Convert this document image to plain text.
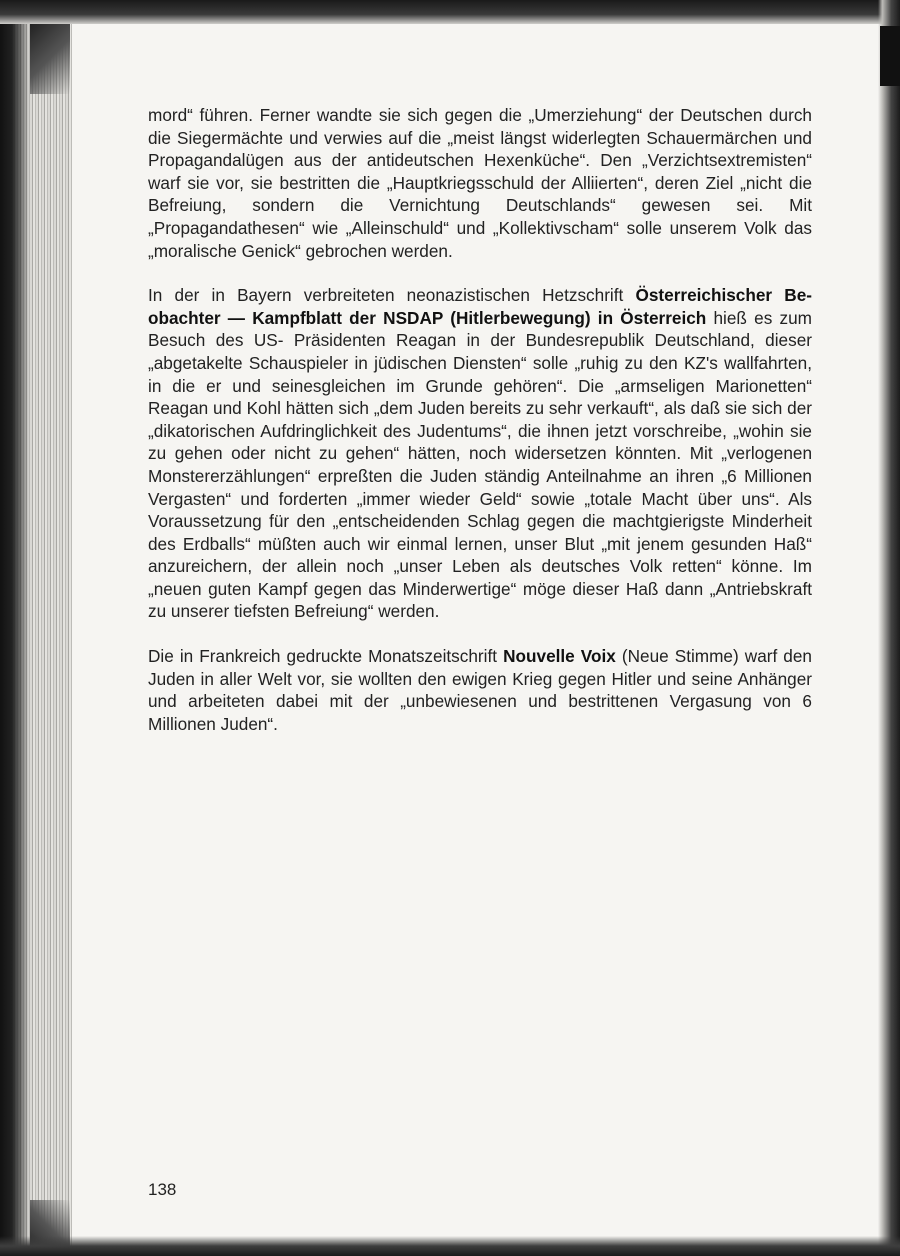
mord“ führen. Ferner wandte sie sich gegen die „Umerziehung“ der Deutschen durch die Siegermächte und verwies auf die „meist längst widerlegten Schauermärchen und Propagandalügen aus der antideutschen Hexenküche“. Den „Verzichtsextremisten“ warf sie vor, sie bestritten die „Hauptkriegsschuld der Alliierten“, deren Ziel „nicht die Befreiung, sondern die Vernichtung Deutschlands“ gewesen sei. Mit „Propagandathesen“ wie „Alleinschuld“ und „Kollektivscham“ solle unserem Volk das „moralische Genick“ gebrochen werden.

In der in Bayern verbreiteten neonazistischen Hetzschrift Österreichischer Beobachter — Kampfblatt der NSDAP (Hitlerbewegung) in Österreich hieß es zum Besuch des US- Präsidenten Reagan in der Bundesrepublik Deutschland, dieser „abgetakelte Schauspieler in jüdischen Diensten“ solle „ruhig zu den KZ's wallfahrten, in die er und seinesgleichen im Grunde gehören“. Die „armseligen Marionetten“ Reagan und Kohl hätten sich „dem Juden bereits zu sehr verkauft“, als daß sie sich der „dikatorischen Aufdringlichkeit des Judentums“, die ihnen jetzt vorschreibe, „wohin sie zu gehen oder nicht zu gehen“ hätten, noch widersetzen könnten. Mit „verlogenen Monstererzählungen“ erpreßten die Juden ständig Anteilnahme an ihren „6 Millionen Vergasten“ und forderten „immer wieder Geld“ sowie „totale Macht über uns“. Als Voraussetzung für den „entscheidenden Schlag gegen die machtgierigste Minderheit des Erdballs“ müßten auch wir einmal lernen, unser Blut „mit jenem gesunden Haß“ anzureichern, der allein noch „unser Leben als deutsches Volk retten“ könne. Im „neuen guten Kampf gegen das Minderwertige“ möge dieser Haß dann „Antriebskraft zu unserer tiefsten Befreiung“ werden.

Die in Frankreich gedruckte Monatszeitschrift Nouvelle Voix (Neue Stimme) warf den Juden in aller Welt vor, sie wollten den ewigen Krieg gegen Hitler und seine Anhänger und arbeiteten dabei mit der „unbewiesenen und bestrittenen Vergasung von 6 Millionen Juden“.

138
